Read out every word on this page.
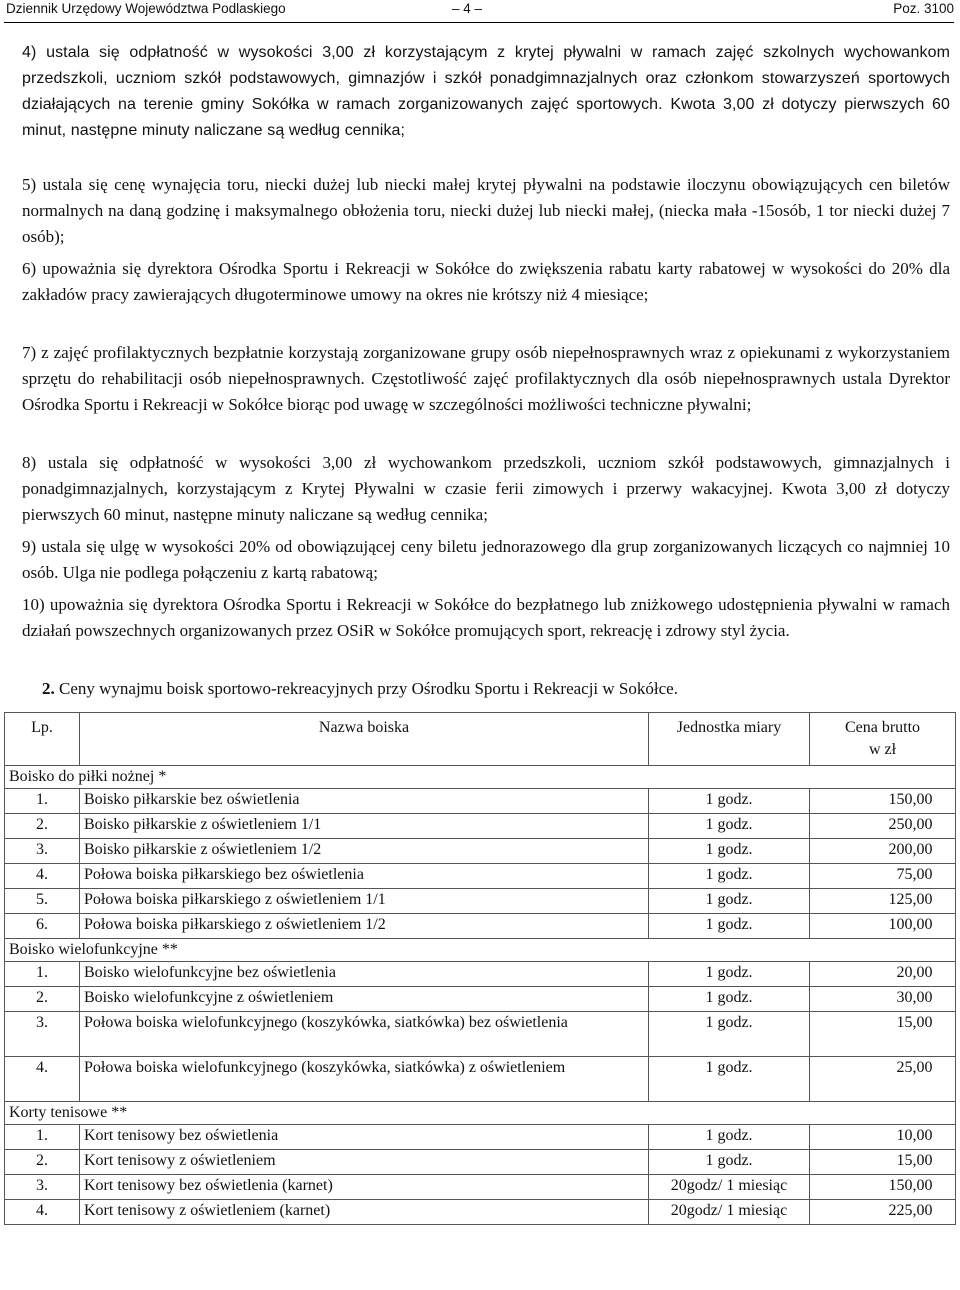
Dziennik Urzędowy Województwa Podlaskiego	– 4 –	Poz. 3100

4) ustala się odpłatność w wysokości 3,00 zł korzystającym z krytej pływalni w ramach zajęć szkolnych wychowankom przedszkoli, uczniom szkół podstawowych, gimnazjów i szkół ponadgimnazjalnych oraz członkom stowarzyszeń sportowych działających na terenie gminy Sokółka w ramach zorganizowanych zajęć sportowych. Kwota 3,00 zł dotyczy pierwszych 60 minut, następne minuty naliczane są według cennika;

5) ustala się cenę wynajęcia toru, niecki dużej lub niecki małej krytej pływalni na podstawie iloczynu obowiązujących cen biletów normalnych na daną godzinę i maksymalnego obłożenia toru, niecki dużej lub niecki małej, (niecka mała -15osób, 1 tor niecki dużej 7 osób);

6) upoważnia się dyrektora Ośrodka Sportu i Rekreacji w Sokółce do zwiększenia rabatu karty rabatowej w wysokości do 20% dla zakładów pracy zawierających długoterminowe umowy na okres nie krótszy niż 4 miesiące;

7) z zajęć profilaktycznych bezpłatnie korzystają zorganizowane grupy osób niepełnosprawnych wraz z opiekunami z wykorzystaniem sprzętu do rehabilitacji osób niepełnosprawnych. Częstotliwość zajęć profilaktycznych dla osób niepełnosprawnych ustala Dyrektor Ośrodka Sportu i Rekreacji w Sokółce biorąc pod uwagę w szczególności możliwości techniczne pływalni;

8) ustala się odpłatność w wysokości 3,00 zł wychowankom przedszkoli, uczniom szkół podstawowych, gimnazjalnych i ponadgimnazjalnych, korzystającym z Krytej Pływalni w czasie ferii zimowych i przerwy wakacyjnej. Kwota 3,00 zł dotyczy pierwszych 60 minut, następne minuty naliczane są według cennika;

9) ustala się ulgę w wysokości 20% od obowiązującej ceny biletu jednorazowego dla grup zorganizowanych liczących co najmniej 10 osób. Ulga nie podlega połączeniu z kartą rabatową;

10) upoważnia się dyrektora Ośrodka Sportu i Rekreacji w Sokółce do bezpłatnego lub zniżkowego udostępnienia pływalni w ramach działań powszechnych organizowanych przez OSiR w Sokółce promujących sport, rekreację i zdrowy styl życia.

2. Ceny wynajmu boisk sportowo-rekreacyjnych przy Ośrodku Sportu i Rekreacji w Sokółce.
Lp.	Nazwa boiska	Jednostka miary	Cena brutto
w zł
Boisko do piłki nożnej *			
1.	Boisko piłkarskie bez oświetlenia	1 godz.	150,00
2.	Boisko piłkarskie z oświetleniem 1/1	1 godz.	250,00
3.	Boisko piłkarskie z oświetleniem 1/2	1 godz.	200,00
4.	Połowa boiska piłkarskiego bez oświetlenia	1 godz.	75,00
5.	Połowa boiska piłkarskiego z oświetleniem 1/1	1 godz.	125,00
6.	Połowa boiska piłkarskiego z oświetleniem 1/2	1 godz.	100,00
Boisko wielofunkcyjne **			
1.	Boisko wielofunkcyjne bez oświetlenia	1 godz.	20,00
2.	Boisko wielofunkcyjne z oświetleniem	1 godz.	30,00
3.	Połowa boiska wielofunkcyjnego (koszykówka, siatkówka) bez oświetlenia	1 godz.	15,00
4.	Połowa boiska wielofunkcyjnego (koszykówka, siatkówka) z oświetleniem	1 godz.	25,00
Korty tenisowe **			
1.	Kort tenisowy bez oświetlenia	1 godz.	10,00
2.	Kort tenisowy z oświetleniem	1 godz.	15,00
3.	Kort tenisowy bez oświetlenia (karnet)	20godz/ 1 miesiąc	150,00
4.	Kort tenisowy z oświetleniem (karnet)	20godz/ 1 miesiąc	225,00
